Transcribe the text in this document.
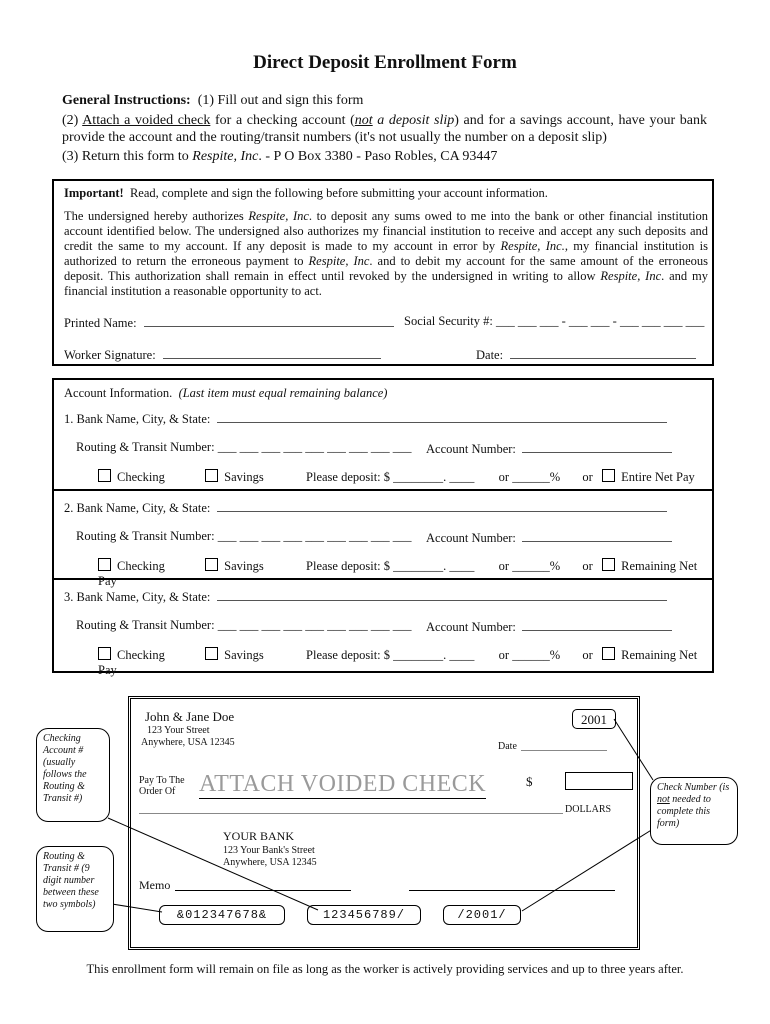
Direct Deposit Enrollment Form
General Instructions: (1) Fill out and sign this form
(2) Attach a voided check for a checking account (not a deposit slip) and for a savings account, have your bank provide the account and the routing/transit numbers (it's not usually the number on a deposit slip)
(3) Return this form to Respite, Inc. - P O Box 3380 - Paso Robles, CA 93447
Important! Read, complete and sign the following before submitting your account information.
The undersigned hereby authorizes Respite, Inc. to deposit any sums owed to me into the bank or other financial institution account identified below. The undersigned also authorizes my financial institution to receive and accept any such deposits and credit the same to my account. If any deposit is made to my account in error by Respite, Inc., my financial institution is authorized to return the erroneous payment to Respite, Inc. and to debit my account for the same amount of the erroneous deposit. This authorization shall remain in effect until revoked by the undersigned in writing to allow Respite, Inc. and my financial institution a reasonable opportunity to act.
Printed Name:	Social Security #: ___ ___ ___ - ___ ___ - ___ ___ ___ ___
Worker Signature:	Date:
Account Information. (Last item must equal remaining balance)
1. Bank Name, City, & State:
Routing & Transit Number: ___ ___ ___ ___ ___ ___ ___ ___ ___ Account Number:
Checking	Savings	Please deposit: $ ________. ____ or ______% or Entire Net Pay
2. Bank Name, City, & State:
Routing & Transit Number: ___ ___ ___ ___ ___ ___ ___ ___ ___ Account Number:
Checking	Savings	Please deposit: $ ________. ____ or ______% or Remaining Net Pay
3. Bank Name, City, & State:
Routing & Transit Number: ___ ___ ___ ___ ___ ___ ___ ___ ___ Account Number:
Checking	Savings	Please deposit: $ ________. ____ or ______% or Remaining Net Pay
John & Jane Doe
123 Your Street
Anywhere, USA 12345
2001
Date
Pay To The
Order Of ATTACH VOIDED CHECK	$
DOLLARS
YOUR BANK
123 Your Bank's Street
Anywhere, USA 12345
Memo
&012347678&	123456789/	/2001/
Checking Account # (usually follows the Routing & Transit #)
Routing & Transit # (9 digit number between these two symbols)
Check Number (is not needed to complete this form)
This enrollment form will remain on file as long as the worker is actively providing services and up to three years after.
